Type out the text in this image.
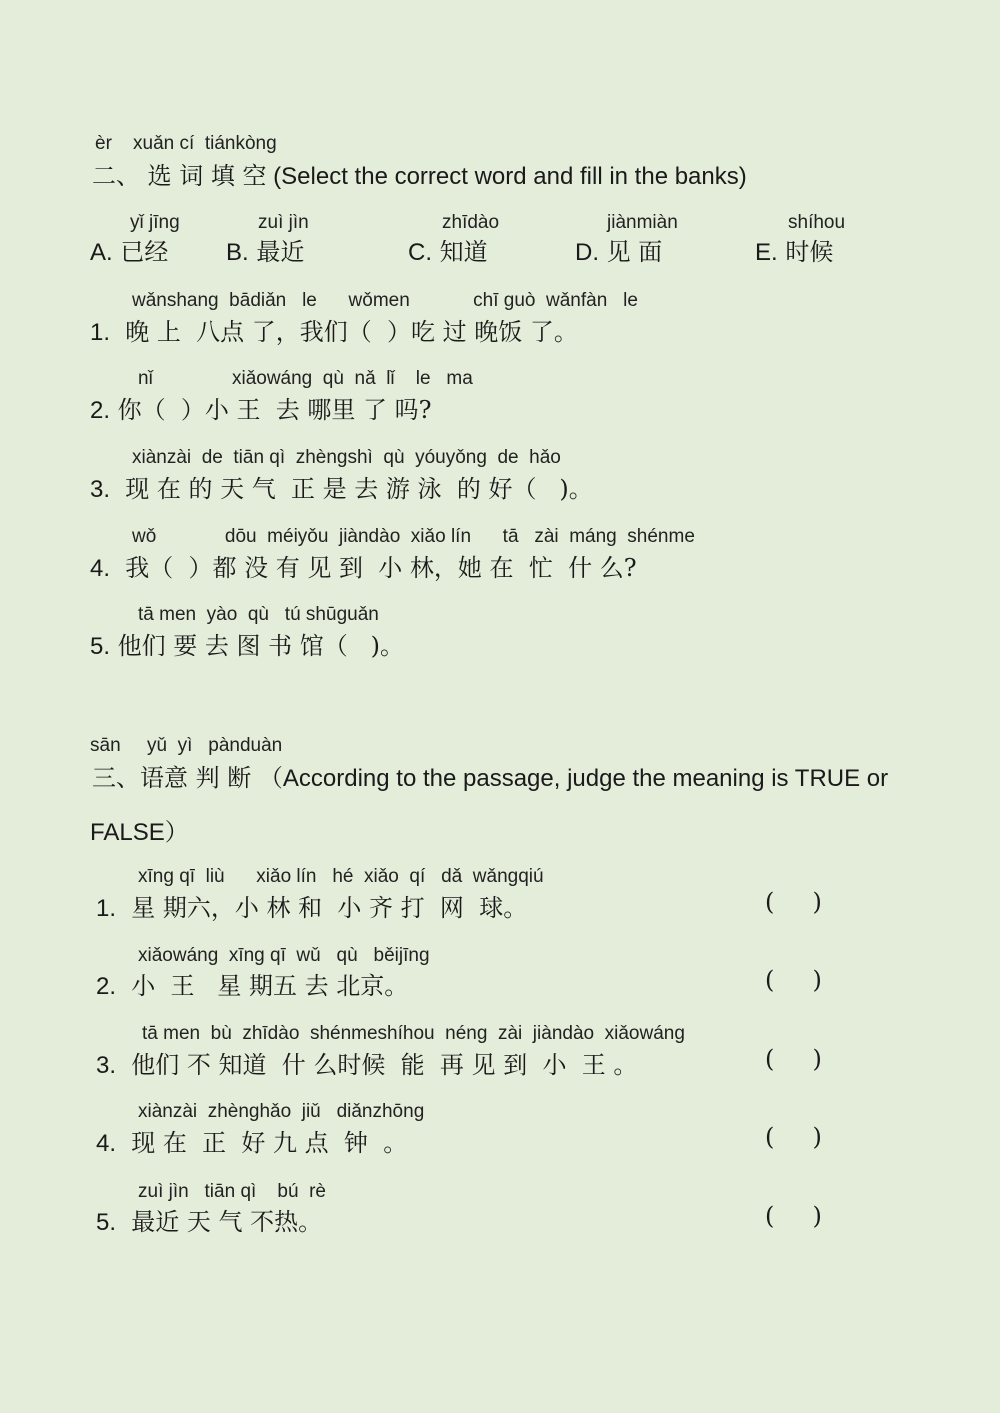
èr    xuǎn cí  tiánkòng
二、 选 词 填 空 (Select the correct word and fill in the banks)
yǐ jīng
A. 已经
zuì jìn
B. 最近
zhīdào
C. 知道
jiànmiàn
D. 见 面
shíhou
E. 时候
wǎnshang  bādiǎn   le      wǒmen            chī guò  wǎnfàn   le
1.  晚 上  八点 了，我们（  ）吃 过 晚饭 了。
nǐ               xiǎowáng  qù  nǎ  lǐ    le   ma
2. 你（  ）小 王  去 哪里 了 吗?
xiànzài  de  tiān qì  zhèngshì  qù  yóuyǒng  de  hǎo
3.  现 在 的 天 气  正 是 去 游 泳  的 好（   )。
wǒ             dōu  méiyǒu  jiàndào  xiǎo lín      tā   zài  máng  shénme
4.  我（  ）都 没 有 见 到  小 林，她 在  忙  什 么?
tā men  yào  qù   tú shūguǎn
5. 他们 要 去 图 书 馆（   )。
sān     yǔ  yì   pànduàn
三、语意 判 断 （According to the passage, judge the meaning is TRUE or
FALSE）
xīng qī  liù      xiǎo lín   hé  xiǎo  qí   dǎ  wǎngqiú
1.  星 期六，小 林 和  小 齐 打  网  球。	(     )
xiǎowáng  xīng qī  wǔ   qù   běijīng
2.  小  王   星 期五 去 北京。	(     )
tā men  bù  zhīdào  shénmeshíhou  néng  zài  jiàndào  xiǎowáng
3.  他们 不 知道  什 么时候  能  再 见 到  小  王 。	(     )
xiànzài  zhènghǎo  jiǔ   diǎnzhōng
4.  现 在  正  好 九 点  钟  。	(     )
zuì jìn   tiān qì    bú  rè
5.  最近 天 气 不热。	(     )
